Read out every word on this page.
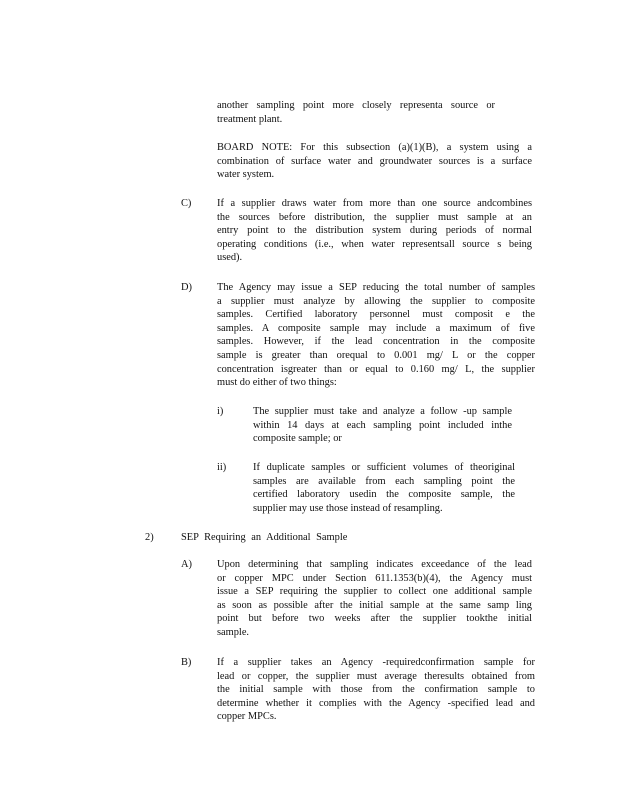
another sampling point more closely representa source or

treatment plant.

BOARD NOTE: For this subsection (a)(1)(B), a system using a

combination of surface water and groundwater sources is a surface

water system.

C) If a supplier draws water from more than one source andcombines

the sources before distribution, the supplier must sample at an

entry point to the distribution system during periods of normal

operating conditions (i.e., when water representsall source s being

used).

D) The Agency may issue a SEP reducing the total number of samples

a supplier must analyze by allowing the supplier to composite

samples. Certified laboratory personnel must composit e the

samples. A composite sample may include a maximum of five

samples. However, if the lead concentration in the composite

sample is greater than orequal to 0.001 mg/ L or the copper

concentration isgreater than or equal to 0.160 mg/ L, the supplier

must do either of two things:

i)	The supplier must take and analyze a follow -up sample

within 14 days at each sampling point included inthe

composite sample; or

ii)	If duplicate samples or sufficient volumes of theoriginal

samples are available from each sampling point the

certified laboratory usedin the composite sample, the

supplier may use those instead of resampling.

2)	SEP Requiring an Additional Sample
A) Upon determining that sampling indicates exceedance of the lead

or copper MPC under Section 611.1353(b)(4), the Agency must

issue a SEP requiring the supplier to collect one additional sample

as soon as possible after the initial sample at the same samp ling

point but before two weeks after the supplier tookthe initial

sample.

B) If a supplier takes an Agency -requiredconfirmation sample for

lead or copper, the supplier must average theresults obtained from

the initial sample with those from the confirmation sample to

determine whether it complies with the Agency -specified lead and

copper MPCs.
